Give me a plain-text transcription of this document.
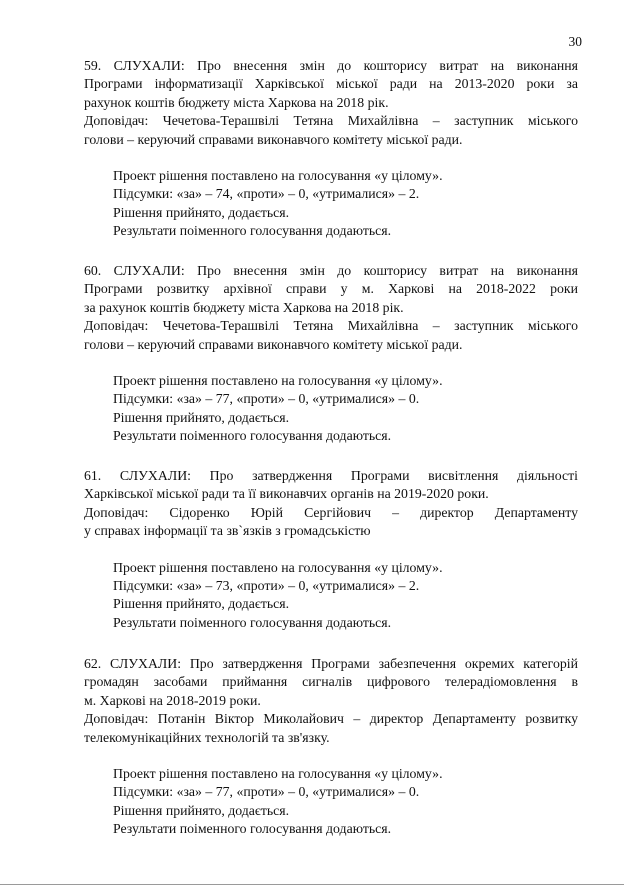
30
59. СЛУХАЛИ: Про внесення змін до кошторису витрат на виконання
Програми інформатизації Харківської міської ради на 2013-2020 роки за
рахунок коштів бюджету міста Харкова на 2018 рік.
Доповідач: Чечетова-Терашвілі Тетяна Михайлівна – заступник міського
голови – керуючий справами виконавчого комітету міської ради.
Проект рішення поставлено на голосування «у цілому».
Підсумки: «за» – 74, «проти» – 0, «утрималися» – 2.
Рішення прийнято, додається.
Результати поіменного голосування додаються.
60. СЛУХАЛИ: Про внесення змін до кошторису витрат на виконання
Програми розвитку архівної справи у м. Харкові на 2018-2022 роки
за рахунок коштів бюджету міста Харкова на 2018 рік.
Доповідач: Чечетова-Терашвілі Тетяна Михайлівна – заступник міського
голови – керуючий справами виконавчого комітету міської ради.
Проект рішення поставлено на голосування «у цілому».
Підсумки: «за» – 77, «проти» – 0, «утрималися» – 0.
Рішення прийнято, додається.
Результати поіменного голосування додаються.
61. СЛУХАЛИ: Про затвердження Програми висвітлення діяльності
Харківської міської ради та її виконавчих органів на 2019-2020 роки.
Доповідач: Сідоренко Юрій Сергійович – директор Департаменту
у справах інформації та зв`язків з громадськістю
Проект рішення поставлено на голосування «у цілому».
Підсумки: «за» – 73, «проти» – 0, «утрималися» – 2.
Рішення прийнято, додається.
Результати поіменного голосування додаються.
62. СЛУХАЛИ: Про затвердження Програми забезпечення окремих категорій
громадян засобами приймання сигналів цифрового телерадіомовлення в
м. Харкові на 2018-2019 роки.
Доповідач: Потанін Віктор Миколайович – директор Департаменту розвитку
телекомунікаційних технологій та зв'язку.
Проект рішення поставлено на голосування «у цілому».
Підсумки: «за» – 77, «проти» – 0, «утрималися» – 0.
Рішення прийнято, додається.
Результати поіменного голосування додаються.
